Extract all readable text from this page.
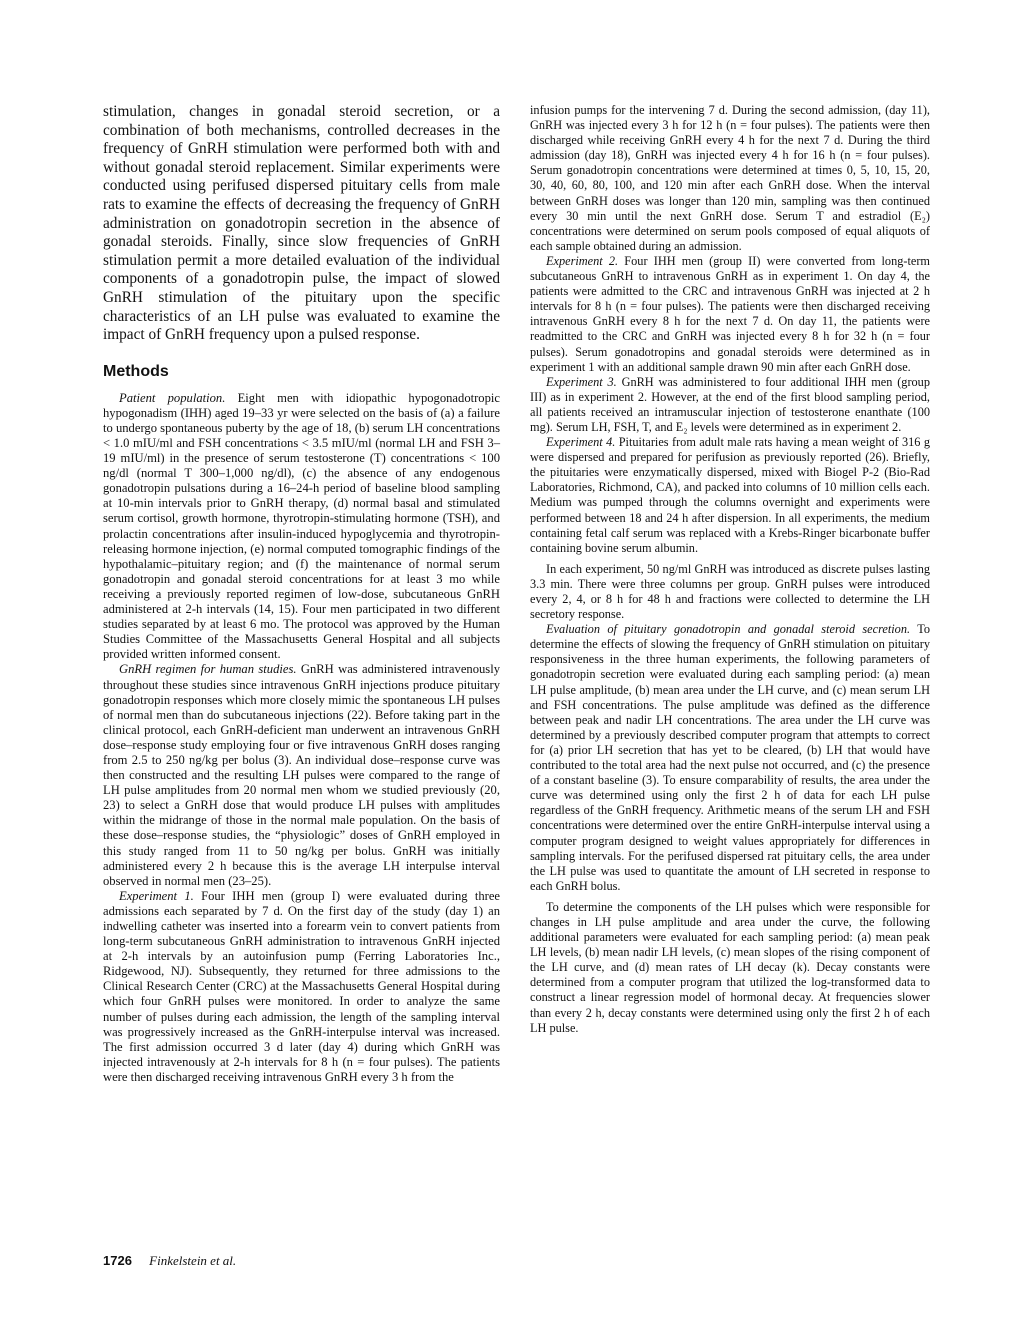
stimulation, changes in gonadal steroid secretion, or a combination of both mechanisms, controlled decreases in the frequency of GnRH stimulation were performed both with and without gonadal steroid replacement. Similar experiments were conducted using perifused dispersed pituitary cells from male rats to examine the effects of decreasing the frequency of GnRH administration on gonadotropin secretion in the absence of gonadal steroids. Finally, since slow frequencies of GnRH stimulation permit a more detailed evaluation of the individual components of a gonadotropin pulse, the impact of slowed GnRH stimulation of the pituitary upon the specific characteristics of an LH pulse was evaluated to examine the impact of GnRH frequency upon a pulsed response.

Methods

Patient population. Eight men with idiopathic hypogonadotropic hypogonadism (IHH) aged 19–33 yr were selected on the basis of (a) a failure to undergo spontaneous puberty by the age of 18, (b) serum LH concentrations < 1.0 mIU/ml and FSH concentrations < 3.5 mIU/ml (normal LH and FSH 3–19 mIU/ml) in the presence of serum testosterone (T) concentrations < 100 ng/dl (normal T 300–1,000 ng/dl), (c) the absence of any endogenous gonadotropin pulsations during a 16–24-h period of baseline blood sampling at 10-min intervals prior to GnRH therapy, (d) normal basal and stimulated serum cortisol, growth hormone, thyrotropin-stimulating hormone (TSH), and prolactin concentrations after insulin-induced hypoglycemia and thyrotropin-releasing hormone injection, (e) normal computed tomographic findings of the hypothalamic–pituitary region; and (f) the maintenance of normal serum gonadotropin and gonadal steroid concentrations for at least 3 mo while receiving a previously reported regimen of low-dose, subcutaneous GnRH administered at 2-h intervals (14, 15). Four men participated in two different studies separated by at least 6 mo. The protocol was approved by the Human Studies Committee of the Massachusetts General Hospital and all subjects provided written informed consent.

GnRH regimen for human studies. GnRH was administered intravenously throughout these studies since intravenous GnRH injections produce pituitary gonadotropin responses which more closely mimic the spontaneous LH pulses of normal men than do subcutaneous injections (22). Before taking part in the clinical protocol, each GnRH-deficient man underwent an intravenous GnRH dose–response study employing four or five intravenous GnRH doses ranging from 2.5 to 250 ng/kg per bolus (3). An individual dose–response curve was then constructed and the resulting LH pulses were compared to the range of LH pulse amplitudes from 20 normal men whom we studied previously (20, 23) to select a GnRH dose that would produce LH pulses with amplitudes within the midrange of those in the normal male population. On the basis of these dose–response studies, the “physiologic” doses of GnRH employed in this study ranged from 11 to 50 ng/kg per bolus. GnRH was initially administered every 2 h because this is the average LH interpulse interval observed in normal men (23–25).

Experiment 1. Four IHH men (group I) were evaluated during three admissions each separated by 7 d. On the first day of the study (day 1) an indwelling catheter was inserted into a forearm vein to convert patients from long-term subcutaneous GnRH administration to intravenous GnRH injected at 2-h intervals by an autoinfusion pump (Ferring Laboratories Inc., Ridgewood, NJ). Subsequently, they returned for three admissions to the Clinical Research Center (CRC) at the Massachusetts General Hospital during which four GnRH pulses were monitored. In order to analyze the same number of pulses during each admission, the length of the sampling interval was progressively increased as the GnRH-interpulse interval was increased. The first admission occurred 3 d later (day 4) during which GnRH was injected intravenously at 2-h intervals for 8 h (n = four pulses). The patients were then discharged receiving intravenous GnRH every 3 h from the

infusion pumps for the intervening 7 d. During the second admission, (day 11), GnRH was injected every 3 h for 12 h (n = four pulses). The patients were then discharged while receiving GnRH every 4 h for the next 7 d. During the third admission (day 18), GnRH was injected every 4 h for 16 h (n = four pulses). Serum gonadotropin concentrations were determined at times 0, 5, 10, 15, 20, 30, 40, 60, 80, 100, and 120 min after each GnRH dose. When the interval between GnRH doses was longer than 120 min, sampling was then continued every 30 min until the next GnRH dose. Serum T and estradiol (E₂) concentrations were determined on serum pools composed of equal aliquots of each sample obtained during an admission.

Experiment 2. Four IHH men (group II) were converted from long-term subcutaneous GnRH to intravenous GnRH as in experiment 1. On day 4, the patients were admitted to the CRC and intravenous GnRH was injected at 2 h intervals for 8 h (n = four pulses). The patients were then discharged receiving intravenous GnRH every 8 h for the next 7 d. On day 11, the patients were readmitted to the CRC and GnRH was injected every 8 h for 32 h (n = four pulses). Serum gonadotropins and gonadal steroids were determined as in experiment 1 with an additional sample drawn 90 min after each GnRH dose.

Experiment 3. GnRH was administered to four additional IHH men (group III) as in experiment 2. However, at the end of the first blood sampling period, all patients received an intramuscular injection of testosterone enanthate (100 mg). Serum LH, FSH, T, and E₂ levels were determined as in experiment 2.

Experiment 4. Pituitaries from adult male rats having a mean weight of 316 g were dispersed and prepared for perifusion as previously reported (26). Briefly, the pituitaries were enzymatically dispersed, mixed with Biogel P-2 (Bio-Rad Laboratories, Richmond, CA), and packed into columns of 10 million cells each. Medium was pumped through the columns overnight and experiments were performed between 18 and 24 h after dispersion. In all experiments, the medium containing fetal calf serum was replaced with a Krebs-Ringer bicarbonate buffer containing bovine serum albumin.

In each experiment, 50 ng/ml GnRH was introduced as discrete pulses lasting 3.3 min. There were three columns per group. GnRH pulses were introduced every 2, 4, or 8 h for 48 h and fractions were collected to determine the LH secretory response.

Evaluation of pituitary gonadotropin and gonadal steroid secretion. To determine the effects of slowing the frequency of GnRH stimulation on pituitary responsiveness in the three human experiments, the following parameters of gonadotropin secretion were evaluated during each sampling period: (a) mean LH pulse amplitude, (b) mean area under the LH curve, and (c) mean serum LH and FSH concentrations. The pulse amplitude was defined as the difference between peak and nadir LH concentrations. The area under the LH curve was determined by a previously described computer program that attempts to correct for (a) prior LH secretion that has yet to be cleared, (b) LH that would have contributed to the total area had the next pulse not occurred, and (c) the presence of a constant baseline (3). To ensure comparability of results, the area under the curve was determined using only the first 2 h of data for each LH pulse regardless of the GnRH frequency. Arithmetic means of the serum LH and FSH concentrations were determined over the entire GnRH-interpulse interval using a computer program designed to weight values appropriately for differences in sampling intervals. For the perifused dispersed rat pituitary cells, the area under the LH pulse was used to quantitate the amount of LH secreted in response to each GnRH bolus.

To determine the components of the LH pulses which were responsible for changes in LH pulse amplitude and area under the curve, the following additional parameters were evaluated for each sampling period: (a) mean peak LH levels, (b) mean nadir LH levels, (c) mean slopes of the rising component of the LH curve, and (d) mean rates of LH decay (k). Decay constants were determined from a computer program that utilized the log-transformed data to construct a linear regression model of hormonal decay. At frequencies slower than every 2 h, decay constants were determined using only the first 2 h of each LH pulse.

1726 Finkelstein et al.
